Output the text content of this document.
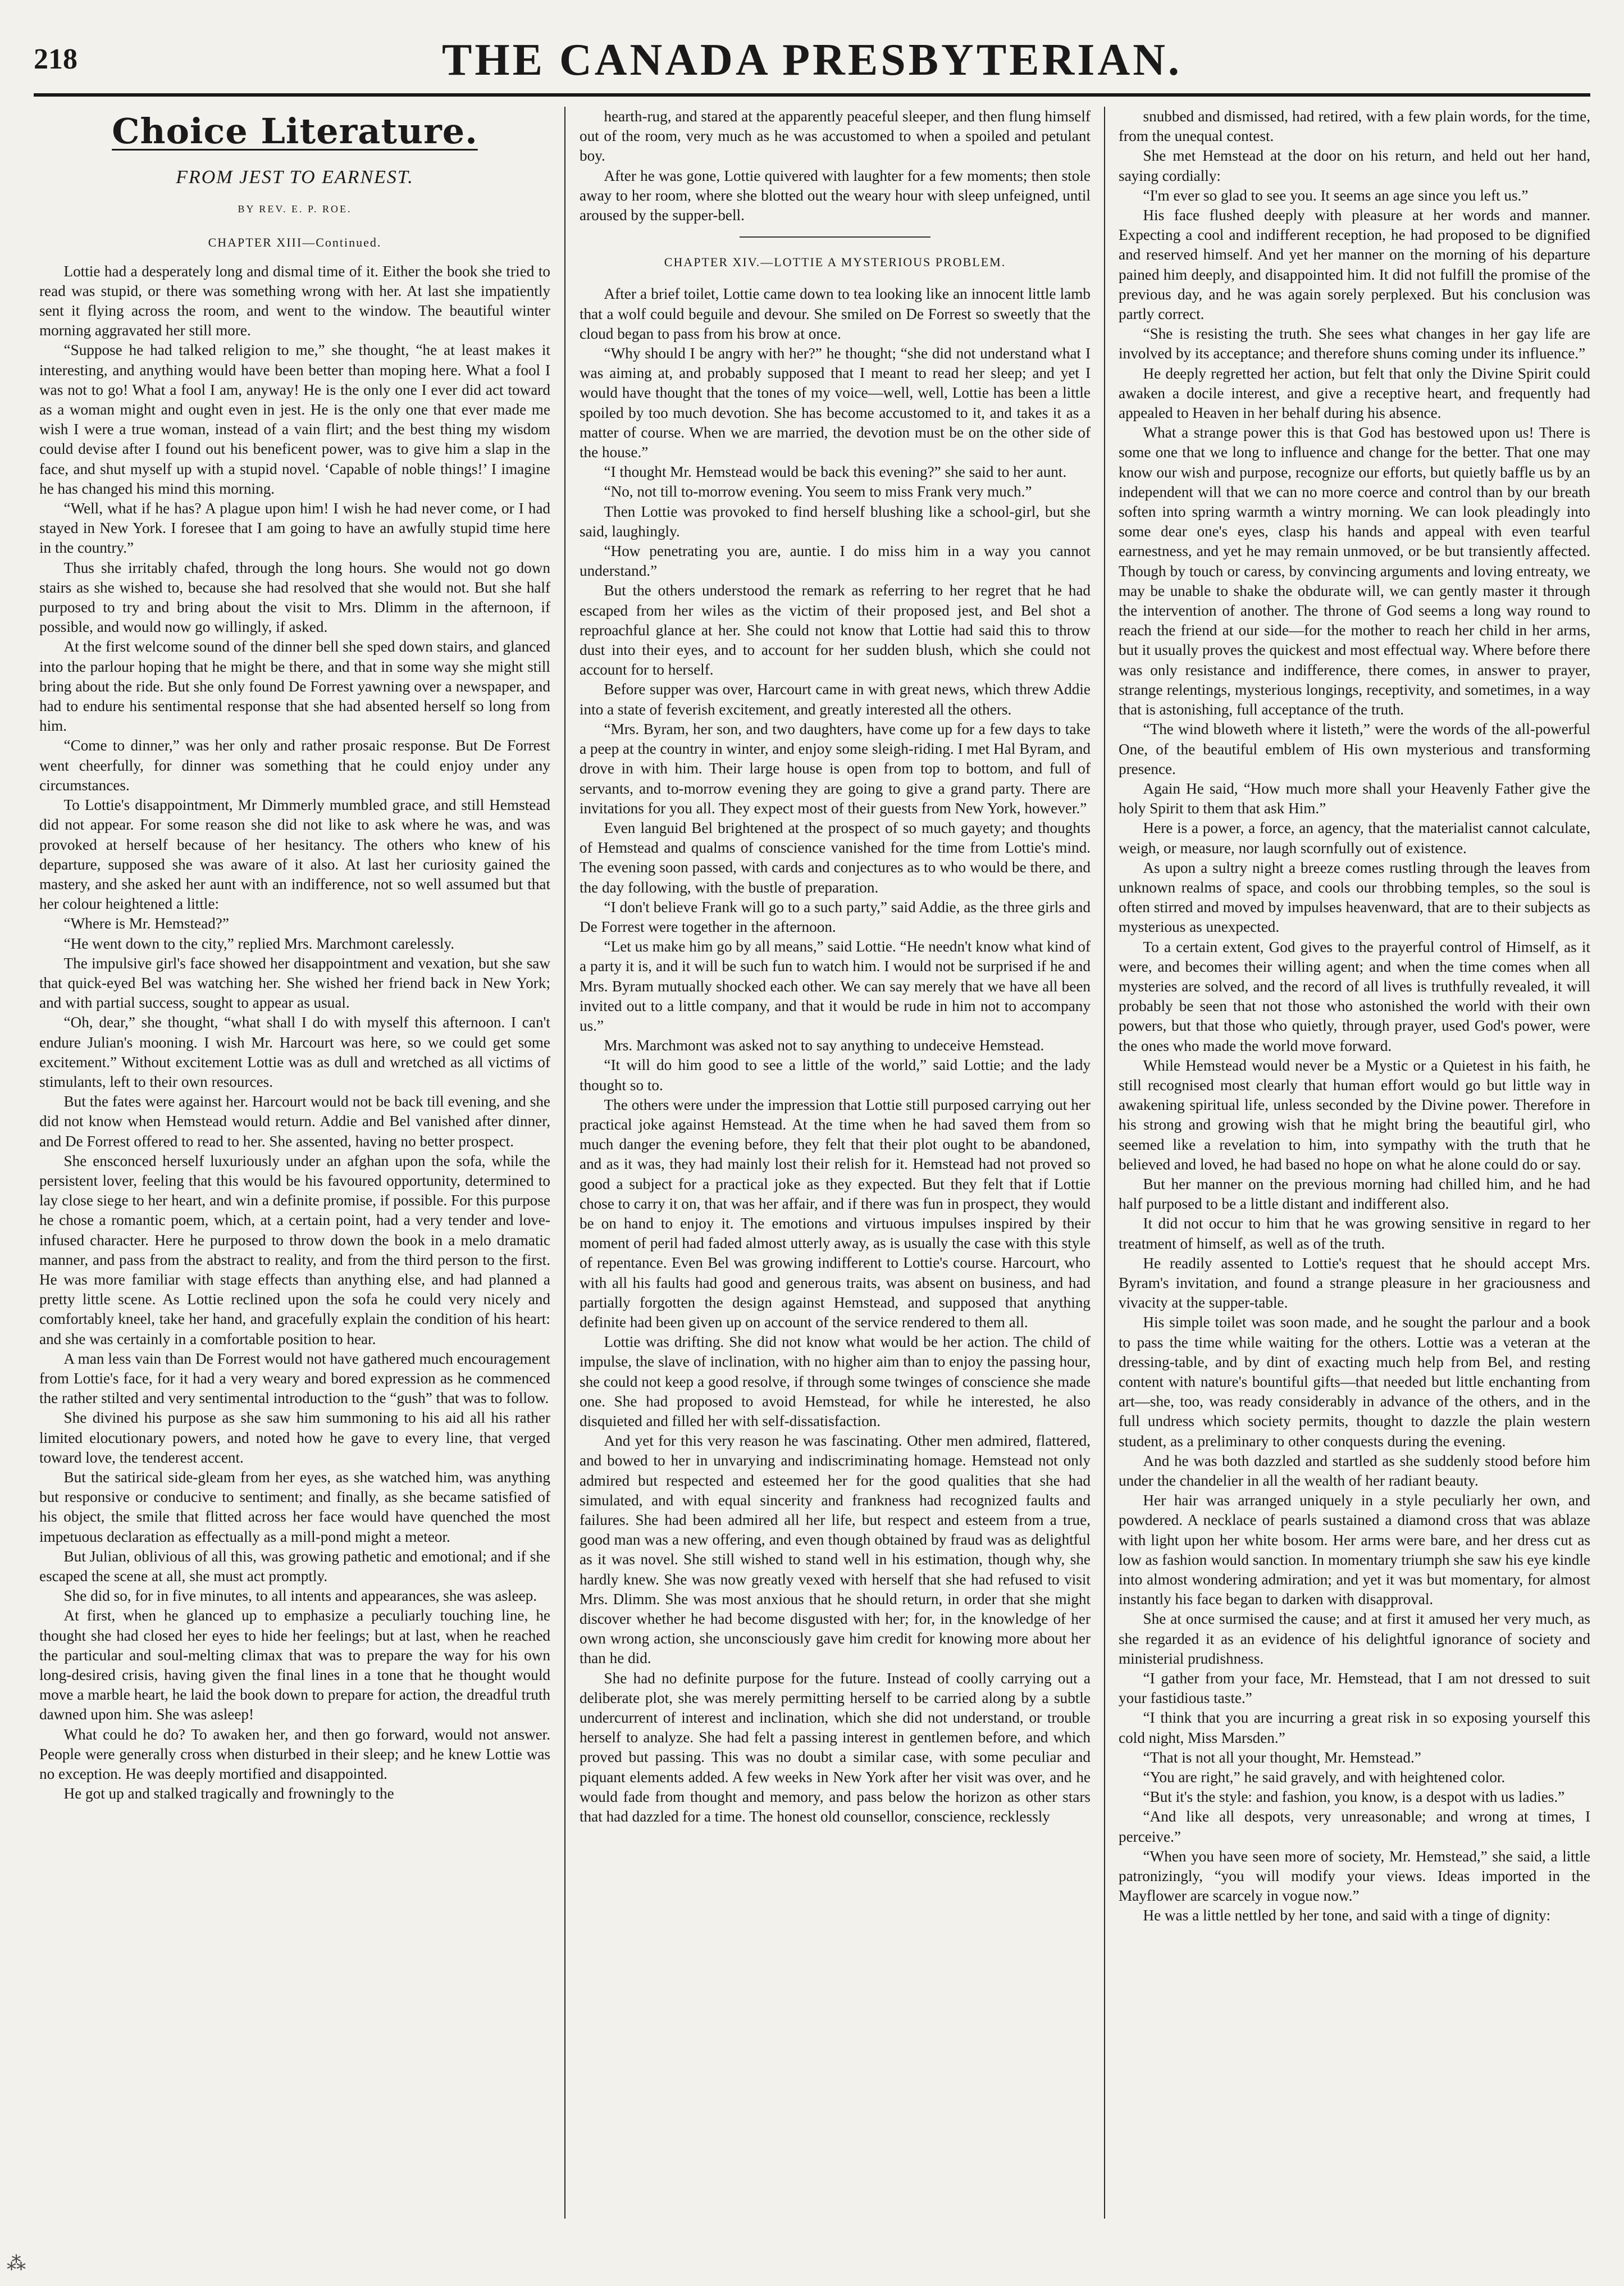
218	THE CANADA PRESBYTERIAN.
Choice Literature.
FROM JEST TO EARNEST.
BY REV. E. P. ROE.
CHAPTER XIII—Continued.

Lottie had a desperately long and dismal time of it. Either the book she tried to read was stupid, or there was something wrong with her. At last she impatiently sent it flying across the room, and went to the window. The beautiful winter morning aggravated her still more.

“Suppose he had talked religion to me,” she thought, “he at least makes it interesting, and anything would have been better than moping here. What a fool I was not to go! What a fool I am, anyway! He is the only one I ever did act toward as a woman might and ought even in jest. He is the only one that ever made me wish I were a true woman, instead of a vain flirt; and the best thing my wisdom could devise after I found out his beneficent power, was to give him a slap in the face, and shut myself up with a stupid novel. ‘Capable of noble things!’ I imagine he has changed his mind this morning.

“Well, what if he has? A plague upon him! I wish he had never come, or I had stayed in New York. I foresee that I am going to have an awfully stupid time here in the country.”

Thus she irritably chafed, through the long hours. She would not go down stairs as she wished to, because she had resolved that she would not. But she half purposed to try and bring about the visit to Mrs. Dlimm in the afternoon, if possible, and would now go willingly, if asked.

At the first welcome sound of the dinner bell she sped down stairs, and glanced into the parlour hoping that he might be there, and that in some way she might still bring about the ride. But she only found De Forrest yawning over a newspaper, and had to endure his sentimental response that she had absented herself so long from him.

“Come to dinner,” was her only and rather prosaic response. But De Forrest went cheerfully, for dinner was something that he could enjoy under any circumstances.

To Lottie's disappointment, Mr Dimmerly mumbled grace, and still Hemstead did not appear. For some reason she did not like to ask where he was, and was provoked at herself because of her hesitancy. The others who knew of his departure, supposed she was aware of it also. At last her curiosity gained the mastery, and she asked her aunt with an indifference, not so well assumed but that her colour heightened a little:

“Where is Mr. Hemstead?”

“He went down to the city,” replied Mrs. Marchmont carelessly.

The impulsive girl's face showed her disappointment and vexation, but she saw that quick-eyed Bel was watching her. She wished her friend back in New York; and with partial success, sought to appear as usual.

“Oh, dear,” she thought, “what shall I do with myself this afternoon. I can't endure Julian's mooning. I wish Mr. Harcourt was here, so we could get some excitement.” Without excitement Lottie was as dull and wretched as all victims of stimulants, left to their own resources.

But the fates were against her. Harcourt would not be back till evening, and she did not know when Hemstead would return. Addie and Bel vanished after dinner, and De Forrest offered to read to her. She assented, having no better prospect.

She ensconced herself luxuriously under an afghan upon the sofa, while the persistent lover, feeling that this would be his favoured opportunity, determined to lay close siege to her heart, and win a definite promise, if possible. For this purpose he chose a romantic poem, which, at a certain point, had a very tender and love-infused character. Here he purposed to throw down the book in a melo dramatic manner, and pass from the abstract to reality, and from the third person to the first. He was more familiar with stage effects than anything else, and had planned a pretty little scene. As Lottie reclined upon the sofa he could very nicely and comfortably kneel, take her hand, and gracefully explain the condition of his heart: and she was certainly in a comfortable position to hear.

A man less vain than De Forrest would not have gathered much encouragement from Lottie's face, for it had a very weary and bored expression as he commenced the rather stilted and very sentimental introduction to the “gush” that was to follow.

She divined his purpose as she saw him summoning to his aid all his rather limited elocutionary powers, and noted how he gave to every line, that verged toward love, the tenderest accent.

But the satirical side-gleam from her eyes, as she watched him, was anything but responsive or conducive to sentiment; and finally, as she became satisfied of his object, the smile that flitted across her face would have quenched the most impetuous declaration as effectually as a mill-pond might a meteor.

But Julian, oblivious of all this, was growing pathetic and emotional; and if she escaped the scene at all, she must act promptly.

She did so, for in five minutes, to all intents and appearances, she was asleep.

At first, when he glanced up to emphasize a peculiarly touching line, he thought she had closed her eyes to hide her feelings; but at last, when he reached the particular and soul-melting climax that was to prepare the way for his own long-desired crisis, having given the final lines in a tone that he thought would move a marble heart, he laid the book down to prepare for action, the dreadful truth dawned upon him. She was asleep!

What could he do? To awaken her, and then go forward, would not answer. People were generally cross when disturbed in their sleep; and he knew Lottie was no exception. He was deeply mortified and disappointed.

He got up and stalked tragically and frowningly to the

hearth-rug, and stared at the apparently peaceful sleeper, and then flung himself out of the room, very much as he was accustomed to when a spoiled and petulant boy.

After he was gone, Lottie quivered with laughter for a few moments; then stole away to her room, where she blotted out the weary hour with sleep unfeigned, until aroused by the supper-bell.

CHAPTER XIV.—LOTTIE A MYSTERIOUS PROBLEM.

After a brief toilet, Lottie came down to tea looking like an innocent little lamb that a wolf could beguile and devour. She smiled on De Forrest so sweetly that the cloud began to pass from his brow at once.

“Why should I be angry with her?” he thought; “she did not understand what I was aiming at, and probably supposed that I meant to read her sleep; and yet I would have thought that the tones of my voice—well, well, Lottie has been a little spoiled by too much devotion. She has become accustomed to it, and takes it as a matter of course. When we are married, the devotion must be on the other side of the house.”

“I thought Mr. Hemstead would be back this evening?” she said to her aunt.

“No, not till to-morrow evening. You seem to miss Frank very much.”

Then Lottie was provoked to find herself blushing like a school-girl, but she said, laughingly.

“How penetrating you are, auntie. I do miss him in a way you cannot understand.”

But the others understood the remark as referring to her regret that he had escaped from her wiles as the victim of their proposed jest, and Bel shot a reproachful glance at her. She could not know that Lottie had said this to throw dust into their eyes, and to account for her sudden blush, which she could not account for to herself.

Before supper was over, Harcourt came in with great news, which threw Addie into a state of feverish excitement, and greatly interested all the others.

“Mrs. Byram, her son, and two daughters, have come up for a few days to take a peep at the country in winter, and enjoy some sleigh-riding. I met Hal Byram, and drove in with him. Their large house is open from top to bottom, and full of servants, and to-morrow evening they are going to give a grand party. There are invitations for you all. They expect most of their guests from New York, however.”

Even languid Bel brightened at the prospect of so much gayety; and thoughts of Hemstead and qualms of conscience vanished for the time from Lottie's mind. The evening soon passed, with cards and conjectures as to who would be there, and the day following, with the bustle of preparation.

“I don't believe Frank will go to a such party,” said Addie, as the three girls and De Forrest were together in the afternoon.

“Let us make him go by all means,” said Lottie. “He needn't know what kind of a party it is, and it will be such fun to watch him. I would not be surprised if he and Mrs. Byram mutually shocked each other. We can say merely that we have all been invited out to a little company, and that it would be rude in him not to accompany us.”

Mrs. Marchmont was asked not to say anything to undeceive Hemstead.

“It will do him good to see a little of the world,” said Lottie; and the lady thought so to.

The others were under the impression that Lottie still purposed carrying out her practical joke against Hemstead. At the time when he had saved them from so much danger the evening before, they felt that their plot ought to be abandoned, and as it was, they had mainly lost their relish for it. Hemstead had not proved so good a subject for a practical joke as they expected. But they felt that if Lottie chose to carry it on, that was her affair, and if there was fun in prospect, they would be on hand to enjoy it. The emotions and virtuous impulses inspired by their moment of peril had faded almost utterly away, as is usually the case with this style of repentance. Even Bel was growing indifferent to Lottie's course. Harcourt, who with all his faults had good and generous traits, was absent on business, and had partially forgotten the design against Hemstead, and supposed that anything definite had been given up on account of the service rendered to them all.

Lottie was drifting. She did not know what would be her action. The child of impulse, the slave of inclination, with no higher aim than to enjoy the passing hour, she could not keep a good resolve, if through some twinges of conscience she made one. She had proposed to avoid Hemstead, for while he interested, he also disquieted and filled her with self-dissatisfaction.

And yet for this very reason he was fascinating. Other men admired, flattered, and bowed to her in unvarying and indiscriminating homage. Hemstead not only admired but respected and esteemed her for the good qualities that she had simulated, and with equal sincerity and frankness had recognized faults and failures. She had been admired all her life, but respect and esteem from a true, good man was a new offering, and even though obtained by fraud was as delightful as it was novel. She still wished to stand well in his estimation, though why, she hardly knew. She was now greatly vexed with herself that she had refused to visit Mrs. Dlimm. She was most anxious that he should return, in order that she might discover whether he had become disgusted with her; for, in the knowledge of her own wrong action, she unconsciously gave him credit for knowing more about her than he did.

She had no definite purpose for the future. Instead of coolly carrying out a deliberate plot, she was merely permitting herself to be carried along by a subtle undercurrent of interest and inclination, which she did not understand, or trouble herself to analyze. She had felt a passing interest in gentlemen before, and which proved but passing. This was no doubt a similar case, with some peculiar and piquant elements added. A few weeks in New York after her visit was over, and he would fade from thought and memory, and pass below the horizon as other stars that had dazzled for a time. The honest old counsellor, conscience, recklessly

snubbed and dismissed, had retired, with a few plain words, for the time, from the unequal contest.

She met Hemstead at the door on his return, and held out her hand, saying cordially:

“I'm ever so glad to see you. It seems an age since you left us.”

His face flushed deeply with pleasure at her words and manner. Expecting a cool and indifferent reception, he had proposed to be dignified and reserved himself. And yet her manner on the morning of his departure pained him deeply, and disappointed him. It did not fulfill the promise of the previous day, and he was again sorely perplexed. But his conclusion was partly correct.

“She is resisting the truth. She sees what changes in her gay life are involved by its acceptance; and therefore shuns coming under its influence.”

He deeply regretted her action, but felt that only the Divine Spirit could awaken a docile interest, and give a receptive heart, and frequently had appealed to Heaven in her behalf during his absence.

What a strange power this is that God has bestowed upon us! There is some one that we long to influence and change for the better. That one may know our wish and purpose, recognize our efforts, but quietly baffle us by an independent will that we can no more coerce and control than by our breath soften into spring warmth a wintry morning. We can look pleadingly into some dear one's eyes, clasp his hands and appeal with even tearful earnestness, and yet he may remain unmoved, or be but transiently affected. Though by touch or caress, by convincing arguments and loving entreaty, we may be unable to shake the obdurate will, we can gently master it through the intervention of another. The throne of God seems a long way round to reach the friend at our side—for the mother to reach her child in her arms, but it usually proves the quickest and most effectual way. Where before there was only resistance and indifference, there comes, in answer to prayer, strange relentings, mysterious longings, receptivity, and sometimes, in a way that is astonishing, full acceptance of the truth.

“The wind bloweth where it listeth,” were the words of the all-powerful One, of the beautiful emblem of His own mysterious and transforming presence.

Again He said, “How much more shall your Heavenly Father give the holy Spirit to them that ask Him.”

Here is a power, a force, an agency, that the materialist cannot calculate, weigh, or measure, nor laugh scornfully out of existence.

As upon a sultry night a breeze comes rustling through the leaves from unknown realms of space, and cools our throbbing temples, so the soul is often stirred and moved by impulses heavenward, that are to their subjects as mysterious as unexpected.

To a certain extent, God gives to the prayerful control of Himself, as it were, and becomes their willing agent; and when the time comes when all mysteries are solved, and the record of all lives is truthfully revealed, it will probably be seen that not those who astonished the world with their own powers, but that those who quietly, through prayer, used God's power, were the ones who made the world move forward.

While Hemstead would never be a Mystic or a Quietest in his faith, he still recognised most clearly that human effort would go but little way in awakening spiritual life, unless seconded by the Divine power. Therefore in his strong and growing wish that he might bring the beautiful girl, who seemed like a revelation to him, into sympathy with the truth that he believed and loved, he had based no hope on what he alone could do or say.

But her manner on the previous morning had chilled him, and he had half purposed to be a little distant and indifferent also.

It did not occur to him that he was growing sensitive in regard to her treatment of himself, as well as of the truth.

He readily assented to Lottie's request that he should accept Mrs. Byram's invitation, and found a strange pleasure in her graciousness and vivacity at the supper-table.

His simple toilet was soon made, and he sought the parlour and a book to pass the time while waiting for the others. Lottie was a veteran at the dressing-table, and by dint of exacting much help from Bel, and resting content with nature's bountiful gifts—that needed but little enchanting from art—she, too, was ready considerably in advance of the others, and in the full undress which society permits, thought to dazzle the plain western student, as a preliminary to other conquests during the evening.

And he was both dazzled and startled as she suddenly stood before him under the chandelier in all the wealth of her radiant beauty.

Her hair was arranged uniquely in a style peculiarly her own, and powdered. A necklace of pearls sustained a diamond cross that was ablaze with light upon her white bosom. Her arms were bare, and her dress cut as low as fashion would sanction. In momentary triumph she saw his eye kindle into almost wondering admiration; and yet it was but momentary, for almost instantly his face began to darken with disapproval.

She at once surmised the cause; and at first it amused her very much, as she regarded it as an evidence of his delightful ignorance of society and ministerial prudishness.

“I gather from your face, Mr. Hemstead, that I am not dressed to suit your fastidious taste.”

“I think that you are incurring a great risk in so exposing yourself this cold night, Miss Marsden.”

“That is not all your thought, Mr. Hemstead.”

“You are right,” he said gravely, and with heightened color.

“But it's the style: and fashion, you know, is a despot with us ladies.”

“And like all despots, very unreasonable; and wrong at times, I perceive.”

“When you have seen more of society, Mr. Hemstead,” she said, a little patronizingly, “you will modify your views. Ideas imported in the Mayflower are scarcely in vogue now.”

He was a little nettled by her tone, and said with a tinge of dignity:

⁂
